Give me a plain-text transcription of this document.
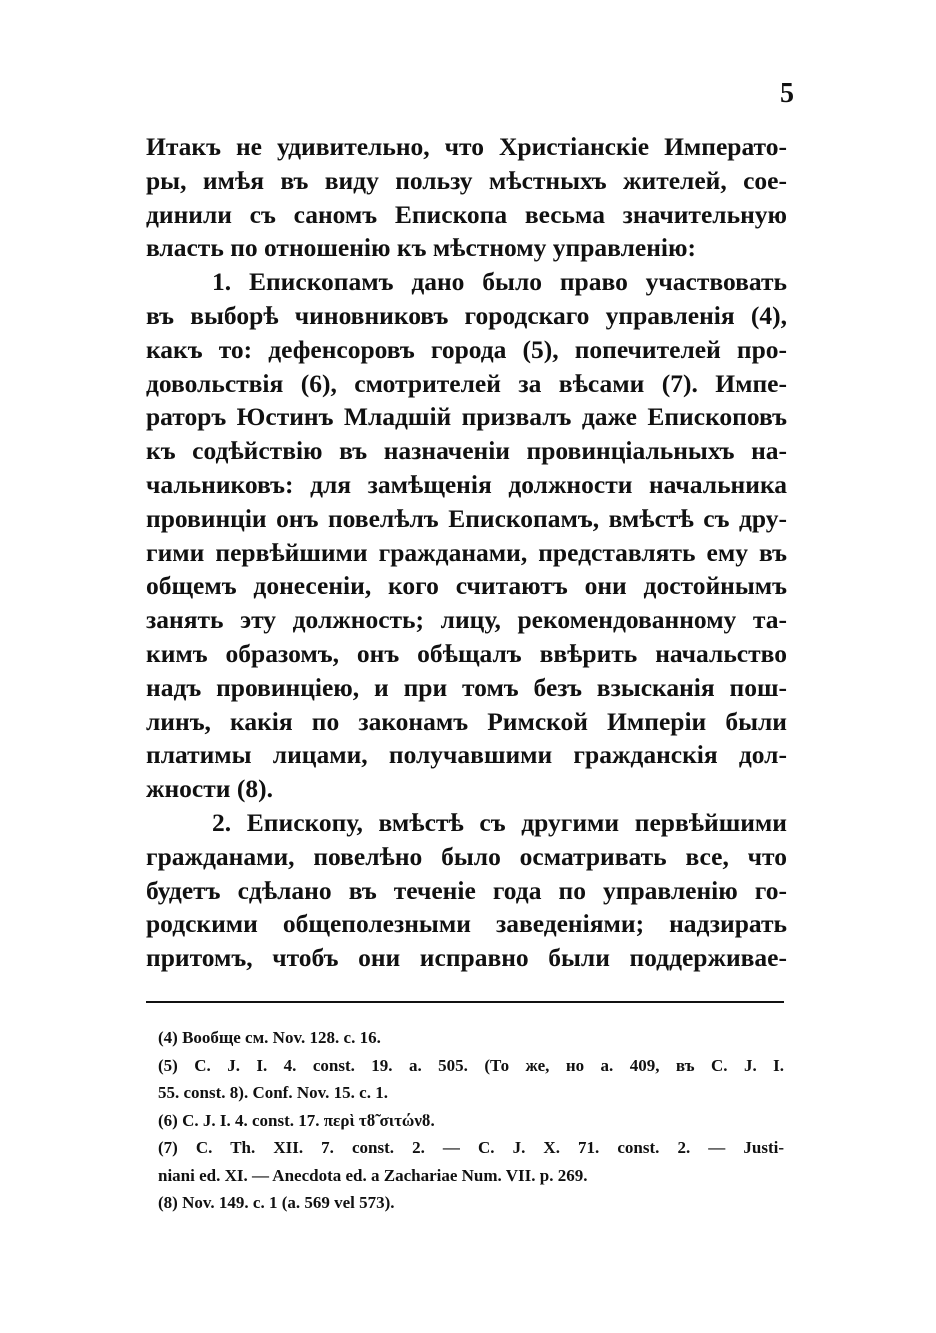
5
Итакъ не удивительно, что Христіанскіе Императо-
ры, имѣя въ виду пользу мѣстныхъ жителей, сое-
динили съ саномъ Епископа весьма значительную
власть по отношенію къ мѣстному управленію:
1. Епископамъ дано было право участвовать
въ выборѣ чиновниковъ городскаго управленія (4),
какъ то: дефенсоровъ города (5), попечителей про-
довольствія (6), смотрителей за вѣсами (7). Импе-
раторъ Юстинъ Младшій призвалъ даже Епископовъ
къ содѣйствію въ назначеніи провинціальныхъ на-
чальниковъ: для замѣщенія должности начальника
провинціи онъ повелѣлъ Епископамъ, вмѣстѣ съ дру-
гими первѣйшими гражданами, представлять ему въ
общемъ донесеніи, кого считаютъ они достойнымъ
занять эту должность; лицу, рекомендованному та-
кимъ образомъ, онъ обѣщалъ ввѣрить начальство
надъ провинціею, и при томъ безъ взысканія пош-
линъ, какія по законамъ Римской Имперіи были
платимы лицами, получавшими гражданскія дол-
жности (8).
2. Епископу, вмѣстѣ съ другими первѣйшими
гражданами, повелѣно было осматривать все, что
будетъ сдѣлано въ теченіе года по управленію го-
родскими общеполезными заведеніями; надзирать
притомъ, чтобъ они исправно были поддерживае-
(4) Вообще см. Nov. 128. c. 16.
(5) C. J. I. 4. const. 19. a. 505. (То же, но a. 409, въ C. J. I.
55. const. 8). Conf. Nov. 15. c. 1.
(6) C. J. I. 4. const. 17. περὶ τȣ̃ σιτώνȣ.
(7) C. Th. XII. 7. const. 2. — C. J. X. 71. const. 2. — Justi-
niani ed. XI. — Anecdota ed. a Zachariae Num. VII. p. 269.
(8) Nov. 149. c. 1 (a. 569 vel 573).
